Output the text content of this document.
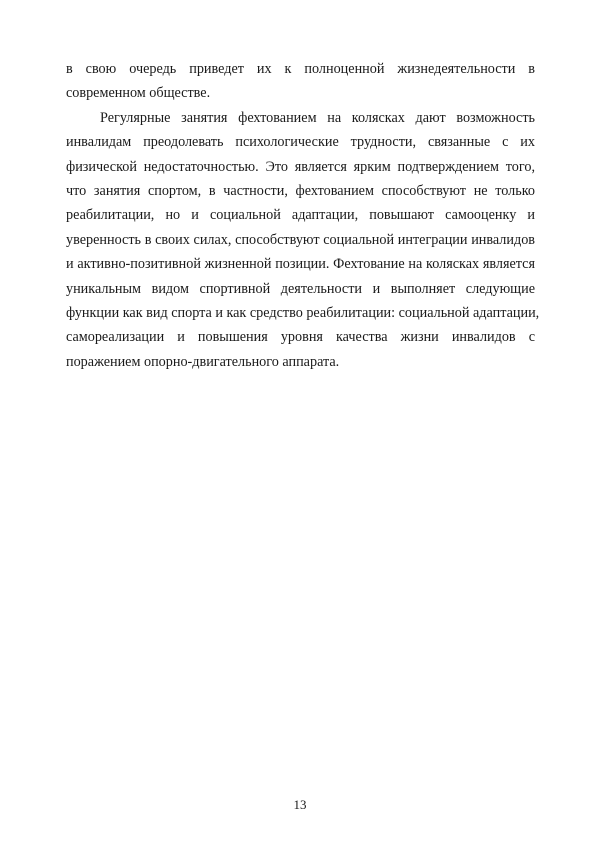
в свою очередь приведет их к полноценной жизнедеятельности в
современном обществе.
Регулярные занятия фехтованием на колясках дают возможность
инвалидам преодолевать психологические трудности, связанные с их
физической недостаточностью. Это является ярким подтверждением того,
что занятия спортом, в частности, фехтованием способствуют не только
реабилитации, но и социальной адаптации, повышают самооценку и
уверенность в своих силах, способствуют социальной интеграции инвалидов
и активно-позитивной жизненной позиции. Фехтование на колясках является
уникальным видом спортивной деятельности и выполняет следующие
функции как вид спорта и как средство реабилитации: социальной адаптации,
самореализации и повышения уровня качества жизни инвалидов с
поражением опорно-двигательного аппарата.
13
